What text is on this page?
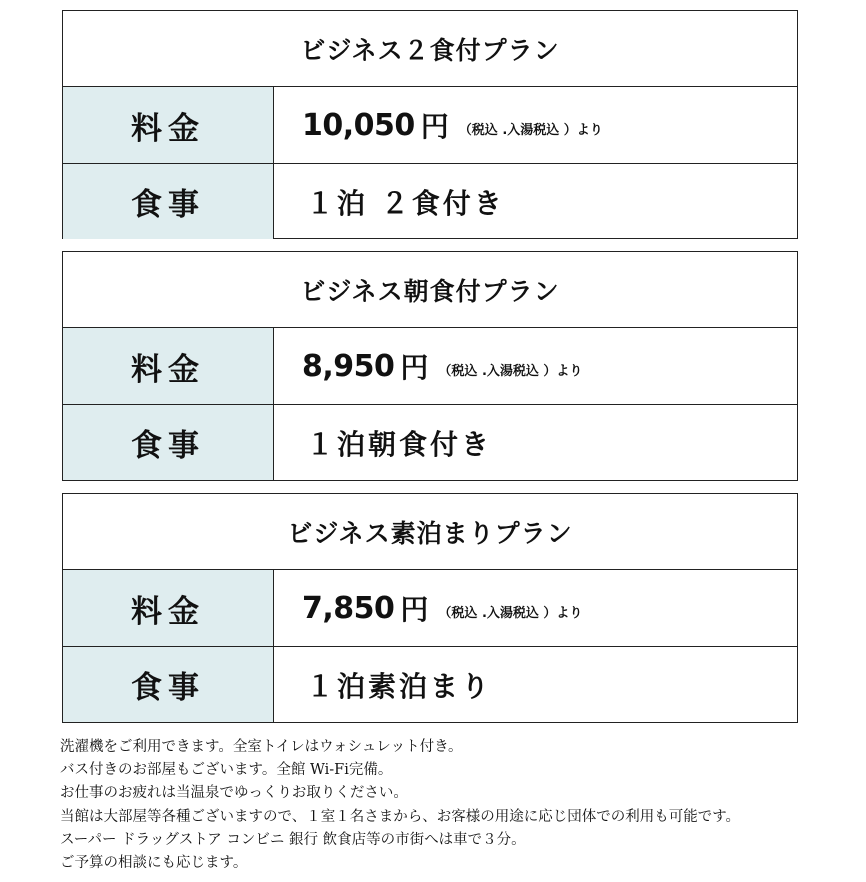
ビジネス２食付プラン
料金	10,050 円 （税込 .入湯税込 ）より
食事	１泊 ２食付き
ビジネス朝食付プラン
料金	8,950 円 （税込 .入湯税込 ）より
食事	１泊朝食付き
ビジネス素泊まりプラン
料金	7,850 円 （税込 .入湯税込 ）より
食事	１泊素泊まり
洗濯機をご利用できます。全室トイレはウォシュレット付き。
バス付きのお部屋もございます。全館 Wi-Fi完備。
お仕事のお疲れは当温泉でゆっくりお取りください。
当館は大部屋等各種ございますので、１室１名さまから、お客様の用途に応じ団体での利用も可能です。
スーパー ドラッグストア コンビニ 銀行 飲食店等の市街へは車で３分。
ご予算の相談にも応じます。
